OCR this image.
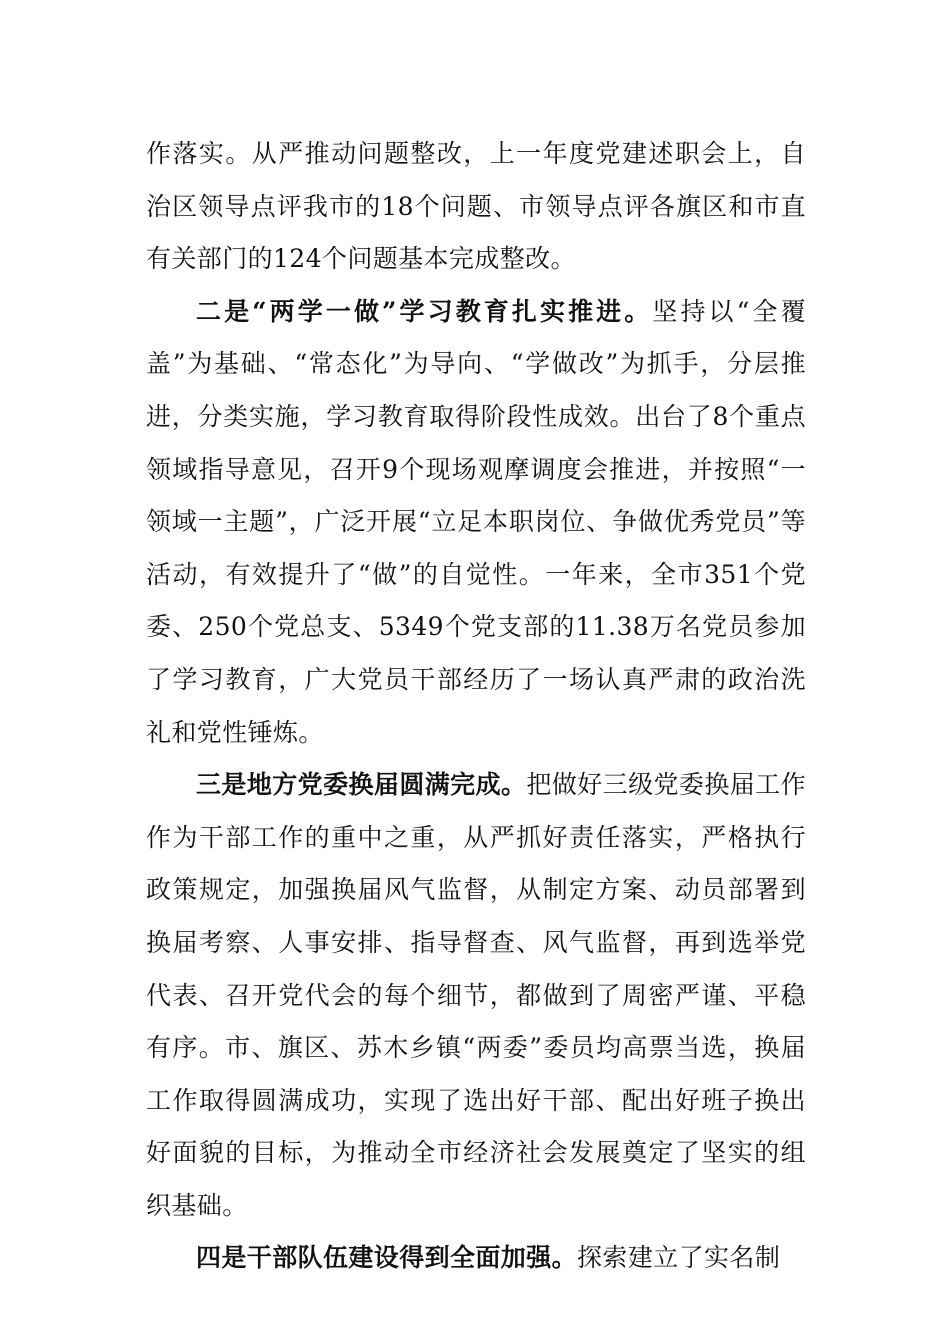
作落实。从严推动问题整改，上一年度党建述职会上，自治区领导点评我市的18个问题、市领导点评各旗区和市直有关部门的124个问题基本完成整改。

二是“两学一做”学习教育扎实推进。坚持以“全覆盖”为基础、“常态化”为导向、“学做改”为抓手，分层推进，分类实施，学习教育取得阶段性成效。出台了8个重点领域指导意见，召开9个现场观摩调度会推进，并按照“一领域一主题”，广泛开展“立足本职岗位、争做优秀党员”等活动，有效提升了“做”的自觉性。一年来，全市351个党委、250个党总支、5349个党支部的11.38万名党员参加了学习教育，广大党员干部经历了一场认真严肃的政治洗礼和党性锤炼。

三是地方党委换届圆满完成。把做好三级党委换届工作作为干部工作的重中之重，从严抓好责任落实，严格执行政策规定，加强换届风气监督，从制定方案、动员部署到换届考察、人事安排、指导督查、风气监督，再到选举党代表、召开党代会的每个细节，都做到了周密严谨、平稳有序。市、旗区、苏木乡镇“两委”委员均高票当选，换届工作取得圆满成功，实现了选出好干部、配出好班子换出好面貌的目标，为推动全市经济社会发展奠定了坚实的组织基础。

四是干部队伍建设得到全面加强。探索建立了实名制
